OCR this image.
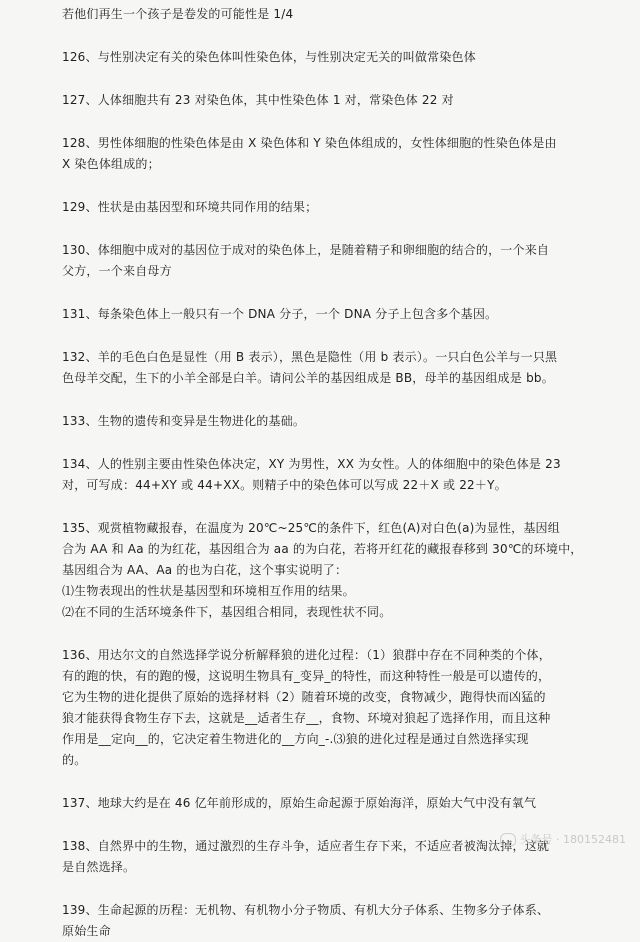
若他们再生一个孩子是卷发的可能性是 1/4

126、与性别决定有关的染色体叫性染色体，与性别决定无关的叫做常染色体

127、人体细胞共有 23 对染色体，其中性染色体 1 对，常染色体 22 对

128、男性体细胞的性染色体是由 X 染色体和 Y 染色体组成的，女性体细胞的性染色体是由

X 染色体组成的；

129、性状是由基因型和环境共同作用的结果；

130、体细胞中成对的基因位于成对的染色体上，是随着精子和卵细胞的结合的，一个来自

父方，一个来自母方

131、每条染色体上一般只有一个 DNA 分子，一个 DNA 分子上包含多个基因。

132、羊的毛色白色是显性（用 B 表示），黑色是隐性（用 b 表示）。一只白色公羊与一只黑

色母羊交配，生下的小羊全部是白羊。请问公羊的基因组成是 BB，母羊的基因组成是 bb。

133、生物的遗传和变异是生物进化的基础。

134、人的性别主要由性染色体决定，XY 为男性，XX 为女性。人的体细胞中的染色体是 23

对，可写成：44+XY 或 44+XX。则精子中的染色体可以写成 22＋X 或 22＋Y。

135、观赏植物藏报春，在温度为 20℃~25℃的条件下，红色(A)对白色(a)为显性，基因组

合为 AA 和 Aa 的为红花，基因组合为 aa 的为白花，若将开红花的藏报春移到 30℃的环境中，

基因组合为 AA、Aa 的也为白花，这个事实说明了：

⑴生物表现出的性状是基因型和环境相互作用的结果。

⑵在不同的生活环境条件下，基因组合相同，表现性状不同。

136、用达尔文的自然选择学说分析解释狼的进化过程：（1）狼群中存在不同种类的个体，

有的跑的快，有的跑的慢，这说明生物具有_变异_的特性，而这种特性一般是可以遗传的，

它为生物的进化提供了原始的选择材料（2）随着环境的改变，食物减少，跑得快而凶猛的

狼才能获得食物生存下去，这就是__适者生存__，食物、环境对狼起了选择作用，而且这种

作用是__定向__的，它决定着生物进化的__方向_-.⑶狼的进化过程是通过自然选择实现

的。

137、地球大约是在 46 亿年前形成的，原始生命起源于原始海洋，原始大气中没有氧气

138、自然界中的生物，通过激烈的生存斗争，适应者生存下来，不适应者被淘汰掉，这就

是自然选择。

139、生命起源的历程：无机物、有机物小分子物质、有机大分子体系、生物多分子体系、

原始生命

头条号 · 180152481
